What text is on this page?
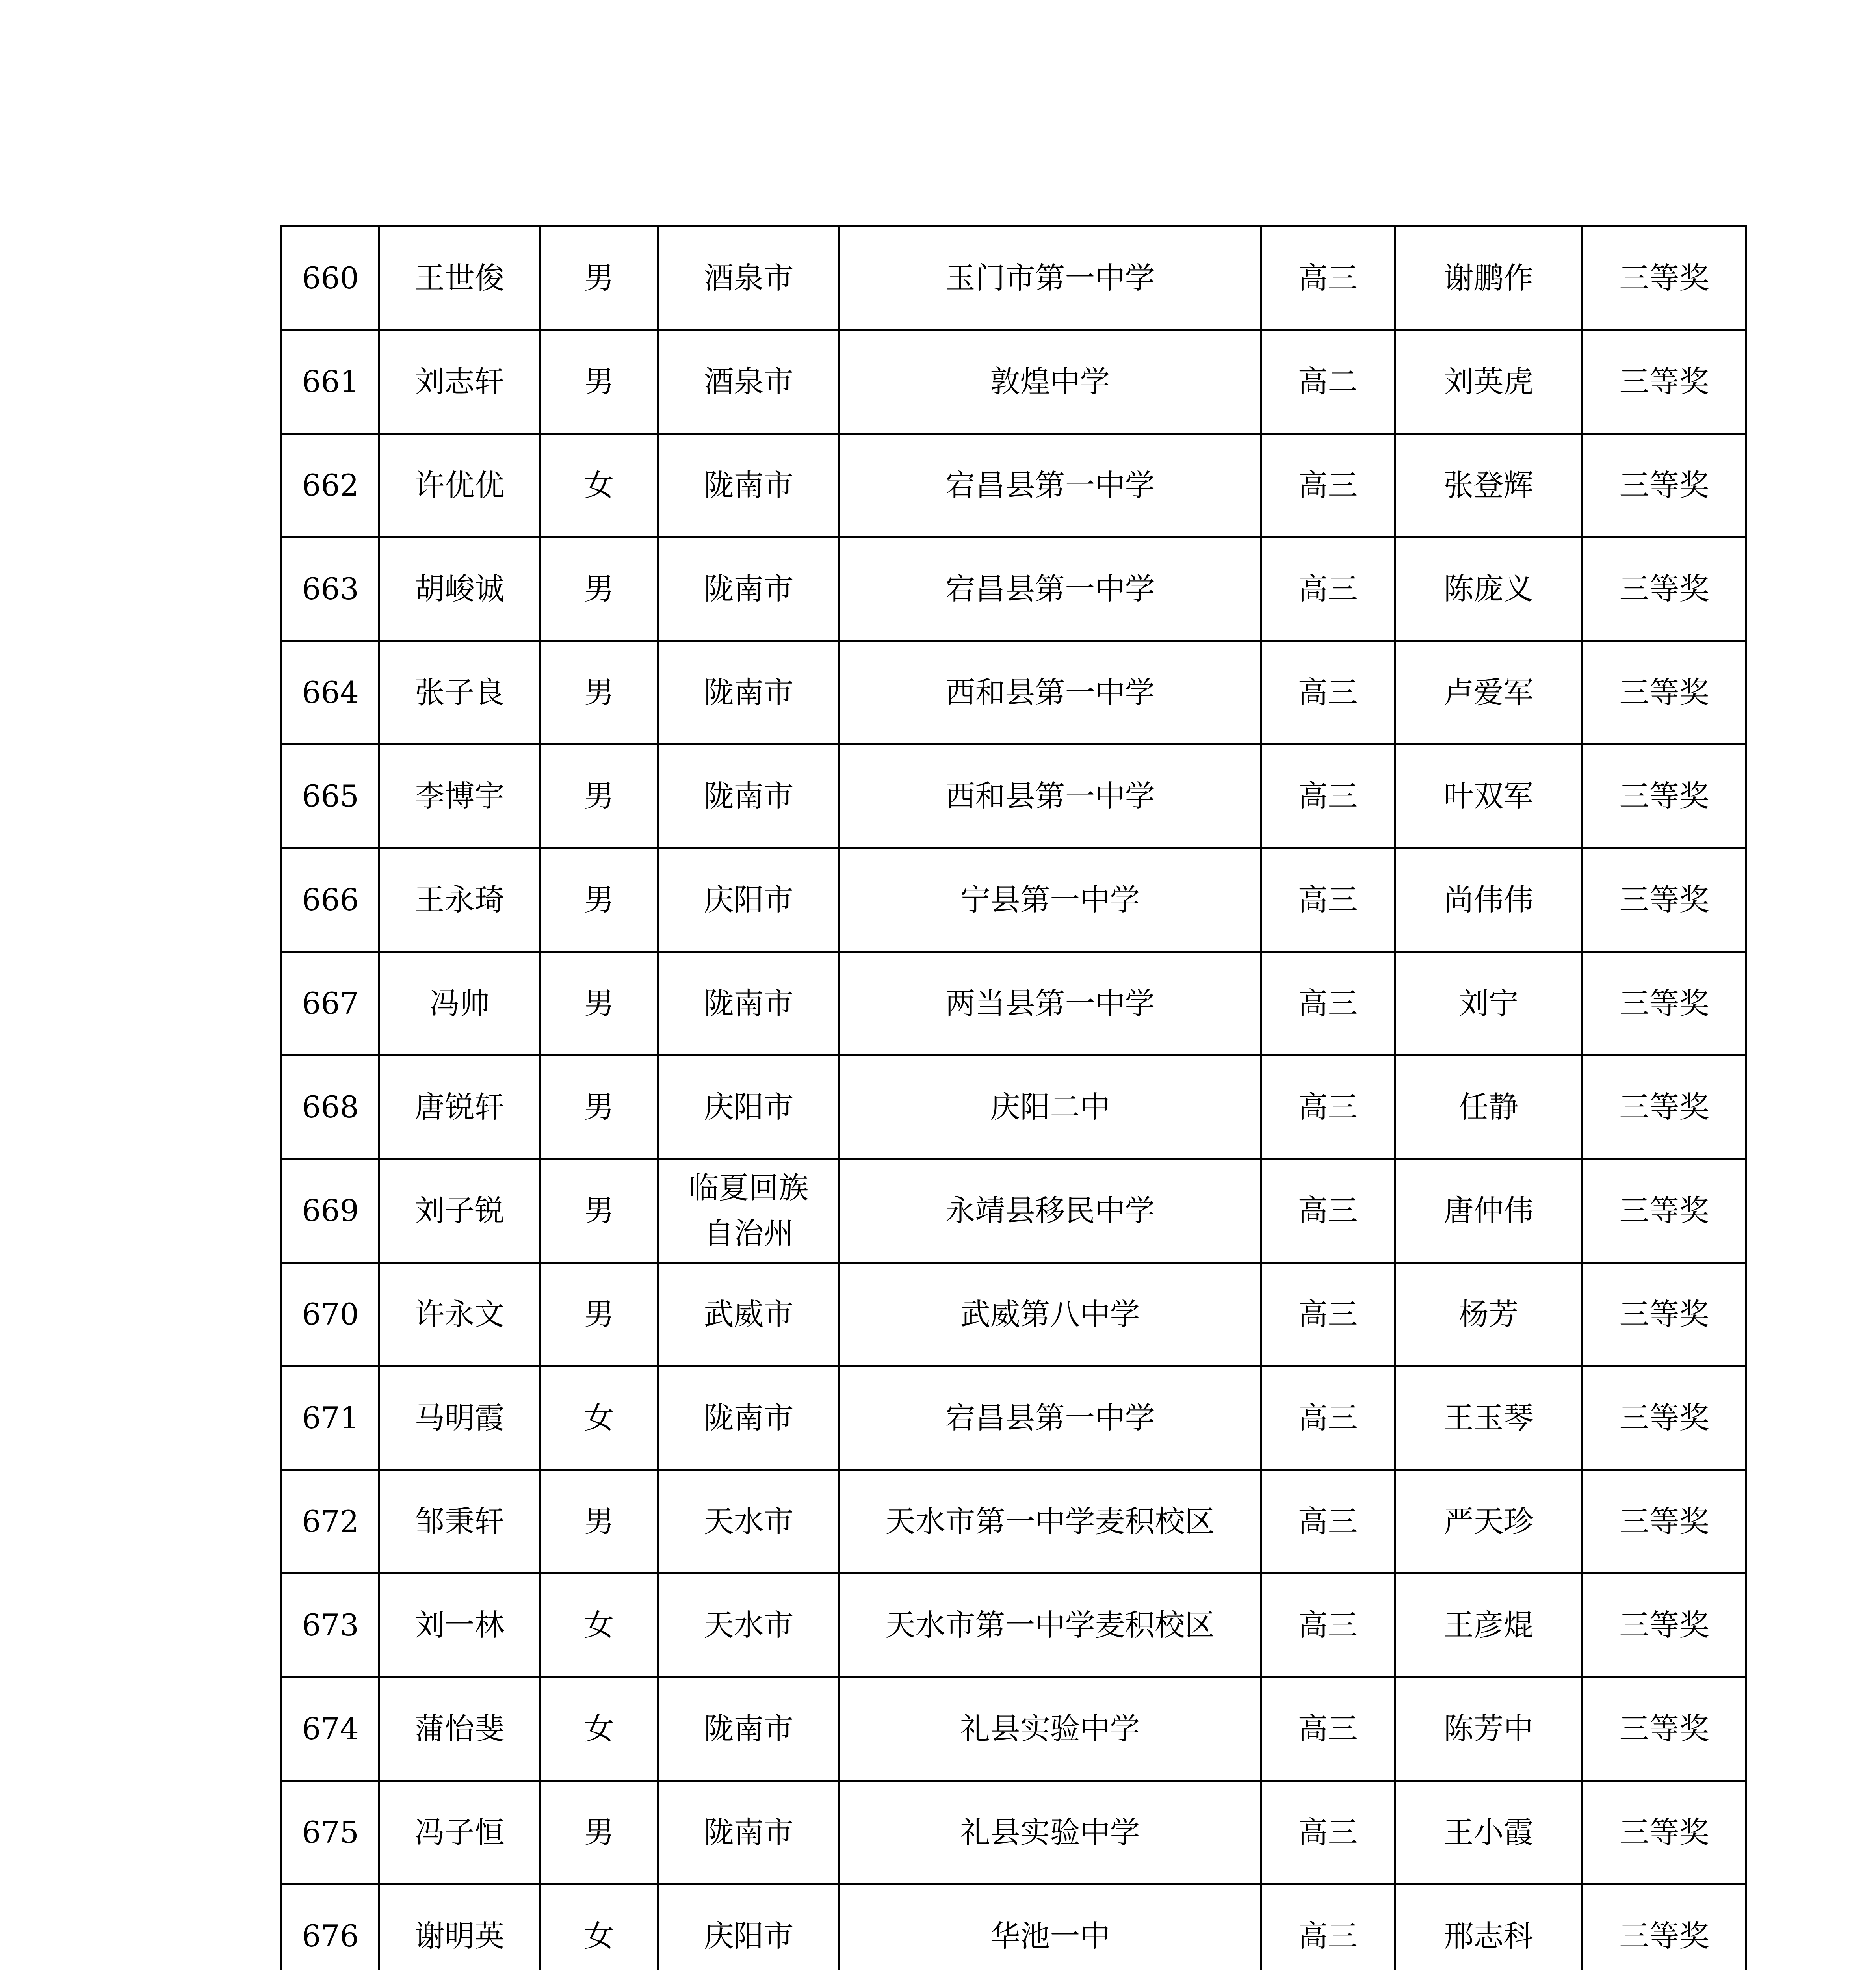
660	王世俊	男	酒泉市	玉门市第一中学	高三	谢鹏作	三等奖
661	刘志轩	男	酒泉市	敦煌中学	高二	刘英虎	三等奖
662	许优优	女	陇南市	宕昌县第一中学	高三	张登辉	三等奖
663	胡峻诚	男	陇南市	宕昌县第一中学	高三	陈庞义	三等奖
664	张子良	男	陇南市	西和县第一中学	高三	卢爱军	三等奖
665	李博宇	男	陇南市	西和县第一中学	高三	叶双军	三等奖
666	王永琦	男	庆阳市	宁县第一中学	高三	尚伟伟	三等奖
667	冯帅	男	陇南市	两当县第一中学	高三	刘宁	三等奖
668	唐锐轩	男	庆阳市	庆阳二中	高三	任静	三等奖
669	刘子锐	男	临夏回族自治州	永靖县移民中学	高三	唐仲伟	三等奖
670	许永文	男	武威市	武威第八中学	高三	杨芳	三等奖
671	马明霞	女	陇南市	宕昌县第一中学	高三	王玉琴	三等奖
672	邹秉轩	男	天水市	天水市第一中学麦积校区	高三	严天珍	三等奖
673	刘一林	女	天水市	天水市第一中学麦积校区	高三	王彦焜	三等奖
674	蒲怡斐	女	陇南市	礼县实验中学	高三	陈芳中	三等奖
675	冯子恒	男	陇南市	礼县实验中学	高三	王小霞	三等奖
676	谢明英	女	庆阳市	华池一中	高三	邢志科	三等奖
